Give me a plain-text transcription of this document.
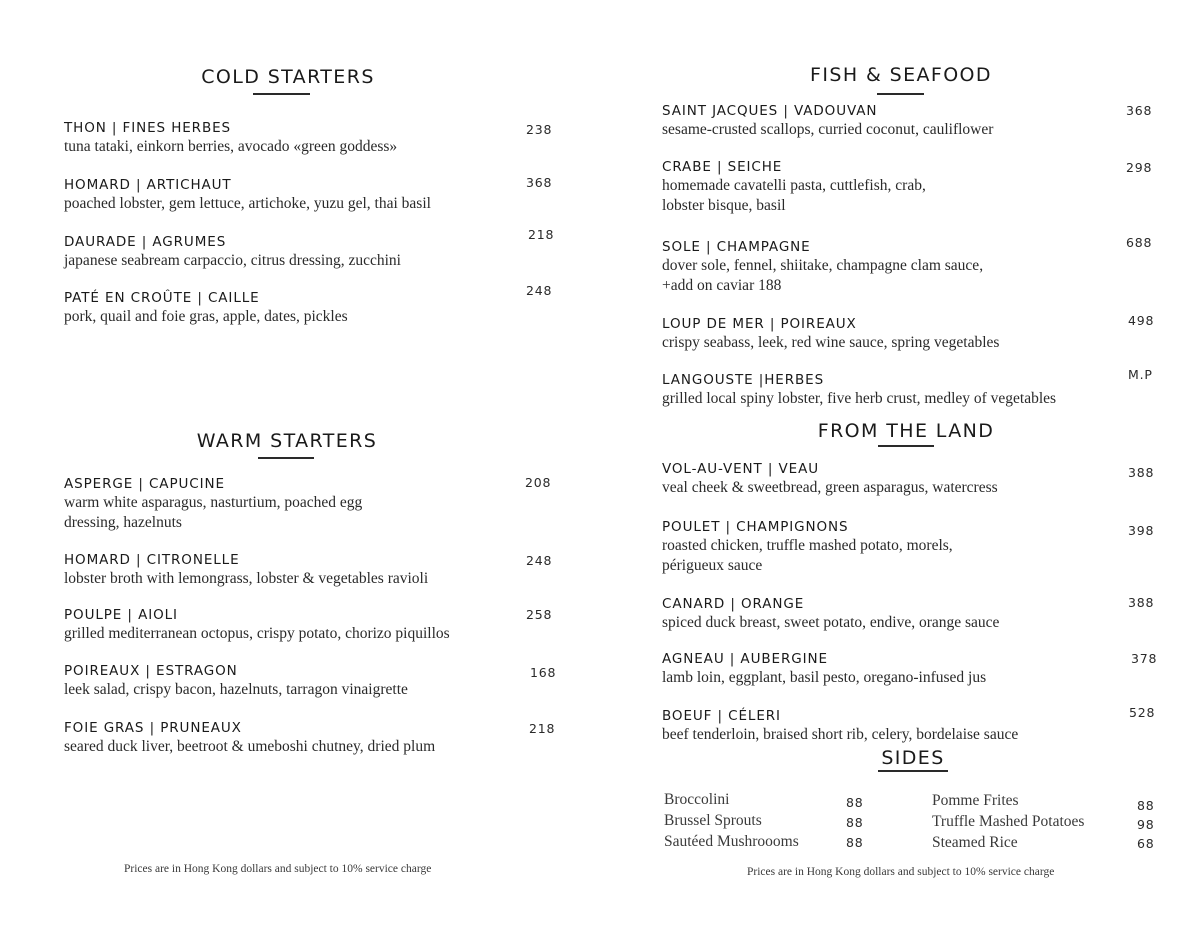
COLD STARTERS
THON | FINES HERBES
tuna tataki, einkorn berries, avocado «green goddess»
238
HOMARD | ARTICHAUT
poached lobster, gem lettuce, artichoke, yuzu gel, thai basil
368
DAURADE | AGRUMES
japanese seabream carpaccio, citrus dressing, zucchini
218
PATÉ EN CROÛTE | CAILLE
pork, quail and foie gras, apple, dates, pickles
248
WARM STARTERS
ASPERGE | CAPUCINE
warm white asparagus, nasturtium, poached egg
dressing, hazelnuts
208
HOMARD | CITRONELLE
lobster broth with lemongrass, lobster & vegetables ravioli
248
POULPE | AIOLI
grilled mediterranean octopus, crispy potato, chorizo piquillos
258
POIREAUX | ESTRAGON
leek salad, crispy bacon, hazelnuts, tarragon vinaigrette
168
FOIE GRAS | PRUNEAUX
seared duck liver, beetroot & umeboshi chutney, dried plum
218
Prices are in Hong Kong dollars and subject to 10% service charge
FISH & SEAFOOD
SAINT JACQUES | VADOUVAN
sesame-crusted scallops, curried coconut, cauliflower
368
CRABE | SEICHE
homemade cavatelli pasta, cuttlefish, crab,
lobster bisque, basil
298
SOLE | CHAMPAGNE
dover sole, fennel, shiitake, champagne clam sauce,
+add on caviar 188
688
LOUP DE MER | POIREAUX
crispy seabass, leek, red wine sauce, spring vegetables
498
LANGOUSTE |HERBES
grilled local spiny lobster, five herb crust, medley of vegetables
M.P
FROM THE LAND
VOL-AU-VENT | VEAU
veal cheek & sweetbread, green asparagus, watercress
388
POULET | CHAMPIGNONS
roasted chicken, truffle mashed potato, morels,
périgueux sauce
398
CANARD | ORANGE
spiced duck breast, sweet potato, endive, orange sauce
388
AGNEAU | AUBERGINE
lamb loin, eggplant, basil pesto, oregano-infused jus
378
BOEUF | CÉLERI
beef tenderloin, braised short rib, celery, bordelaise sauce
528
SIDES
Broccolini	88
Brussel Sprouts	88
Sautéed Mushroooms	88
Pomme Frites	88
Truffle Mashed Potatoes	98
Steamed Rice	68
Prices are in Hong Kong dollars and subject to 10% service charge
